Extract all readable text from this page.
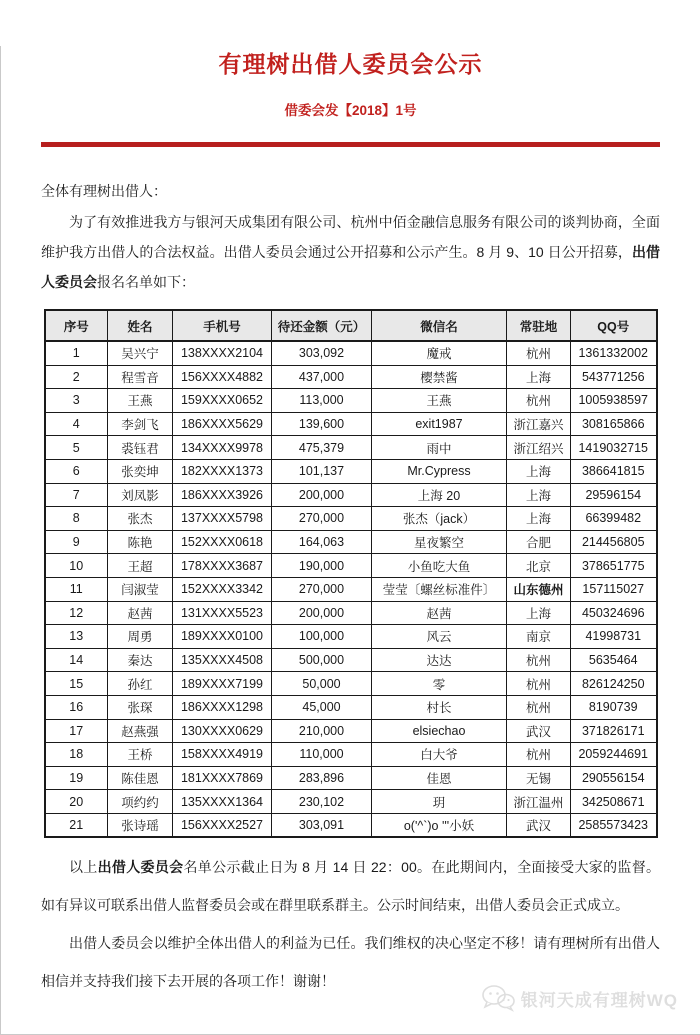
有理树出借人委员会公示
借委会发【2018】1号
全体有理树出借人：
为了有效推进我方与银河天成集团有限公司、杭州中佰金融信息服务有限公司的谈判协商，全面维护我方出借人的合法权益。出借人委员会通过公开招募和公示产生。8 月 9、10 日公开招募，出借人委员会报名名单如下：
序号	姓名	手机号	待还金额（元）	微信名	常驻地	QQ号
1	吴兴宁	138XXXX2104	303,092	魔戒	杭州	1361332002
2	程雪音	156XXXX4882	437,000	樱禁酱	上海	543771256
3	王燕	159XXXX0652	113,000	王燕	杭州	1005938597
4	李剑飞	186XXXX5629	139,600	exit1987	浙江嘉兴	308165866
5	裘钰君	134XXXX9978	475,379	雨中	浙江绍兴	1419032715
6	张奕坤	182XXXX1373	101,137	Mr.Cypress	上海	386641815
7	刘凤影	186XXXX3926	200,000	上海 20	上海	29596154
8	张杰	137XXXX5798	270,000	张杰（jack）	上海	66399482
9	陈艳	152XXXX0618	164,063	星夜繁空	合肥	214456805
10	王超	178XXXX3687	190,000	小鱼吃大鱼	北京	378651775
11	闫淑莹	152XXXX3342	270,000	莹莹〔螺丝标准件〕	山东德州	157115027
12	赵茜	131XXXX5523	200,000	赵茜	上海	450324696
13	周勇	189XXXX0100	100,000	风云	南京	41998731
14	秦达	135XXXX4508	500,000	达达	杭州	5635464
15	孙红	189XXXX7199	50,000	零	杭州	826124250
16	张琛	186XXXX1298	45,000	村长	杭州	8190739
17	赵燕强	130XXXX0629	210,000	elsiechao	武汉	371826171
18	王桥	158XXXX4919	110,000	白大爷	杭州	2059244691
19	陈佳恩	181XXXX7869	283,896	佳恩	无锡	290556154
20	项约约	135XXXX1364	230,102	玥	浙江温州	342508671
21	张诗瑶	156XXXX2527	303,091	o('^`)o '''小妖	武汉	2585573423

以上出借人委员会名单公示截止日为 8 月 14 日 22：00。在此期间内，全面接受大家的监督。如有异议可联系出借人监督委员会或在群里联系群主。公示时间结束，出借人委员会正式成立。

出借人委员会以维护全体出借人的利益为已任。我们维权的决心坚定不移！请有理树所有出借人相信并支持我们接下去开展的各项工作！谢谢！

银河天成有理树WQ
